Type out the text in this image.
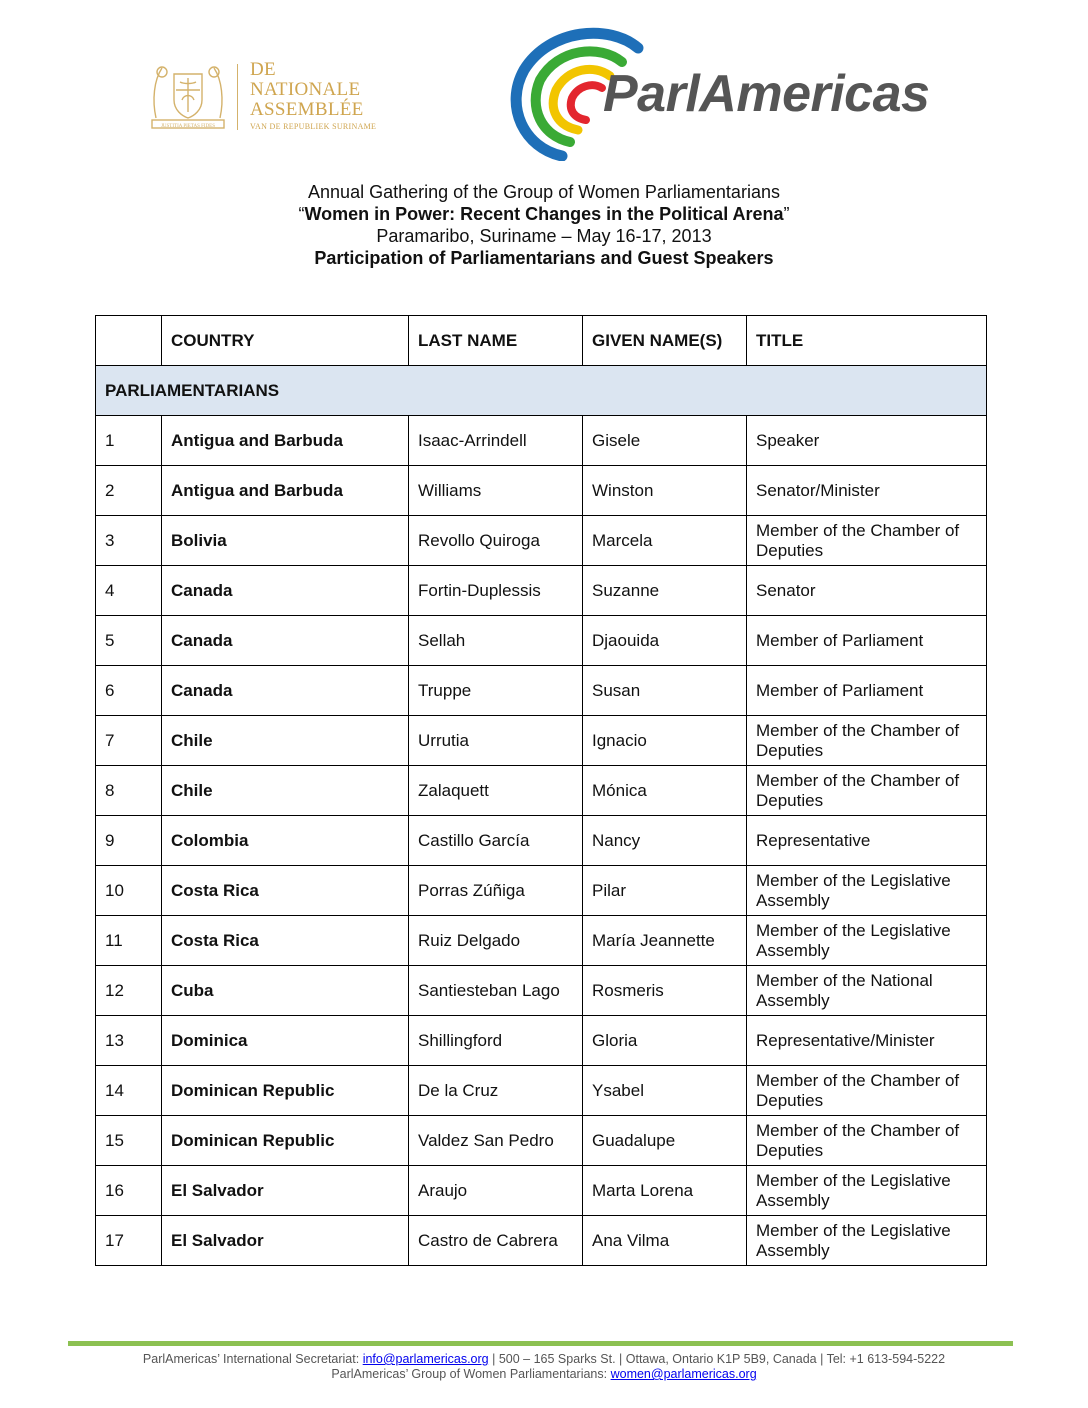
JUSTITIA PIETAS FIDES
DE
NATIONALE
ASSEMBLÉE
VAN DE REPUBLIEK SURINAME
ParlAmericas
Annual Gathering of the Group of Women Parliamentarians
“Women in Power: Recent Changes in the Political Arena”
Paramaribo, Suriname – May 16-17, 2013
Participation of Parliamentarians and Guest Speakers
	COUNTRY	LAST NAME	GIVEN NAME(S)	TITLE
PARLIAMENTARIANS				
1	Antigua and Barbuda	Isaac-Arrindell	Gisele	Speaker
2	Antigua and Barbuda	Williams	Winston	Senator/Minister
3	Bolivia	Revollo Quiroga	Marcela	Member of the Chamber of Deputies
4	Canada	Fortin-Duplessis	Suzanne	Senator
5	Canada	Sellah	Djaouida	Member of Parliament
6	Canada	Truppe	Susan	Member of Parliament
7	Chile	Urrutia	Ignacio	Member of the Chamber of Deputies
8	Chile	Zalaquett	Mónica	Member of the Chamber of Deputies
9	Colombia	Castillo García	Nancy	Representative
10	Costa Rica	Porras Zúñiga	Pilar	Member of the Legislative Assembly
11	Costa Rica	Ruiz Delgado	María Jeannette	Member of the Legislative Assembly
12	Cuba	Santiesteban Lago	Rosmeris	Member of the National Assembly
13	Dominica	Shillingford	Gloria	Representative/Minister
14	Dominican Republic	De la Cruz	Ysabel	Member of the Chamber of Deputies
15	Dominican Republic	Valdez San Pedro	Guadalupe	Member of the Chamber of Deputies
16	El Salvador	Araujo	Marta Lorena	Member of the Legislative Assembly
17	El Salvador	Castro de Cabrera	Ana Vilma	Member of the Legislative Assembly
ParlAmericas’ International Secretariat: info@parlamericas.org | 500 – 165 Sparks St. | Ottawa, Ontario K1P 5B9, Canada | Tel: +1 613-594-5222
ParlAmericas’ Group of Women Parliamentarians: women@parlamericas.org
